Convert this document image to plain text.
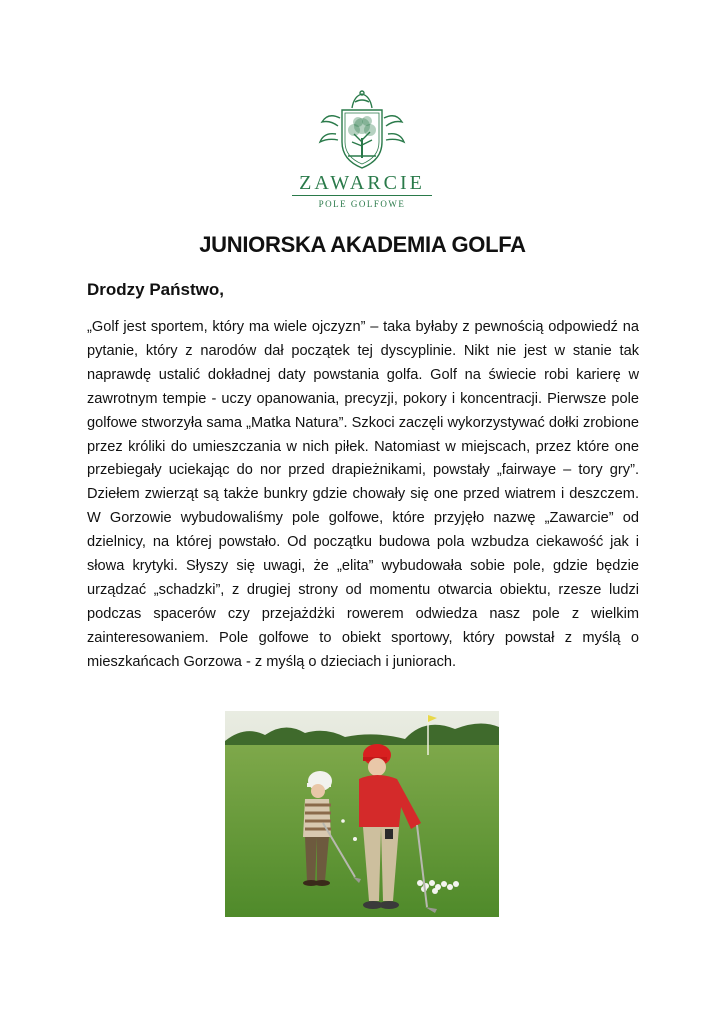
ZAWARCIE
POLE GOLFOWE
JUNIORSKA AKADEMIA GOLFA

Drodzy Państwo,

„Golf jest sportem, który ma wiele ojczyzn” – taka byłaby z pewnością odpowiedź na pytanie, który z narodów dał początek tej dyscyplinie. Nikt nie jest w stanie tak naprawdę ustalić dokładnej daty powstania golfa. Golf na świecie robi karierę w zawrotnym tempie - uczy opanowania, precyzji, pokory i koncentracji. Pierwsze pole golfowe stworzyła sama „Matka Natura”. Szkoci zaczęli wykorzystywać dołki zrobione przez króliki do umieszczania w nich piłek. Natomiast w miejscach, przez które one przebiegały uciekając do nor przed drapieżnikami, powstały „fairwaye – tory gry”. Dziełem zwierząt są także bunkry gdzie chowały się one przed wiatrem i deszczem. W Gorzowie wybudowaliśmy pole golfowe, które przyjęło nazwę „Zawarcie” od dzielnicy, na której powstało. Od początku budowa pola wzbudza ciekawość jak i słowa krytyki. Słyszy się uwagi, że „elita” wybudowała sobie pole, gdzie będzie urządzać „schadzki”, z drugiej strony od momentu otwarcia obiektu, rzesze ludzi podczas spacerów czy przejażdżki rowerem odwiedza nasz pole z wielkim zainteresowaniem. Pole golfowe to obiekt sportowy, który powstał z myślą o mieszkańcach Gorzowa - z myślą o dzieciach i juniorach.
